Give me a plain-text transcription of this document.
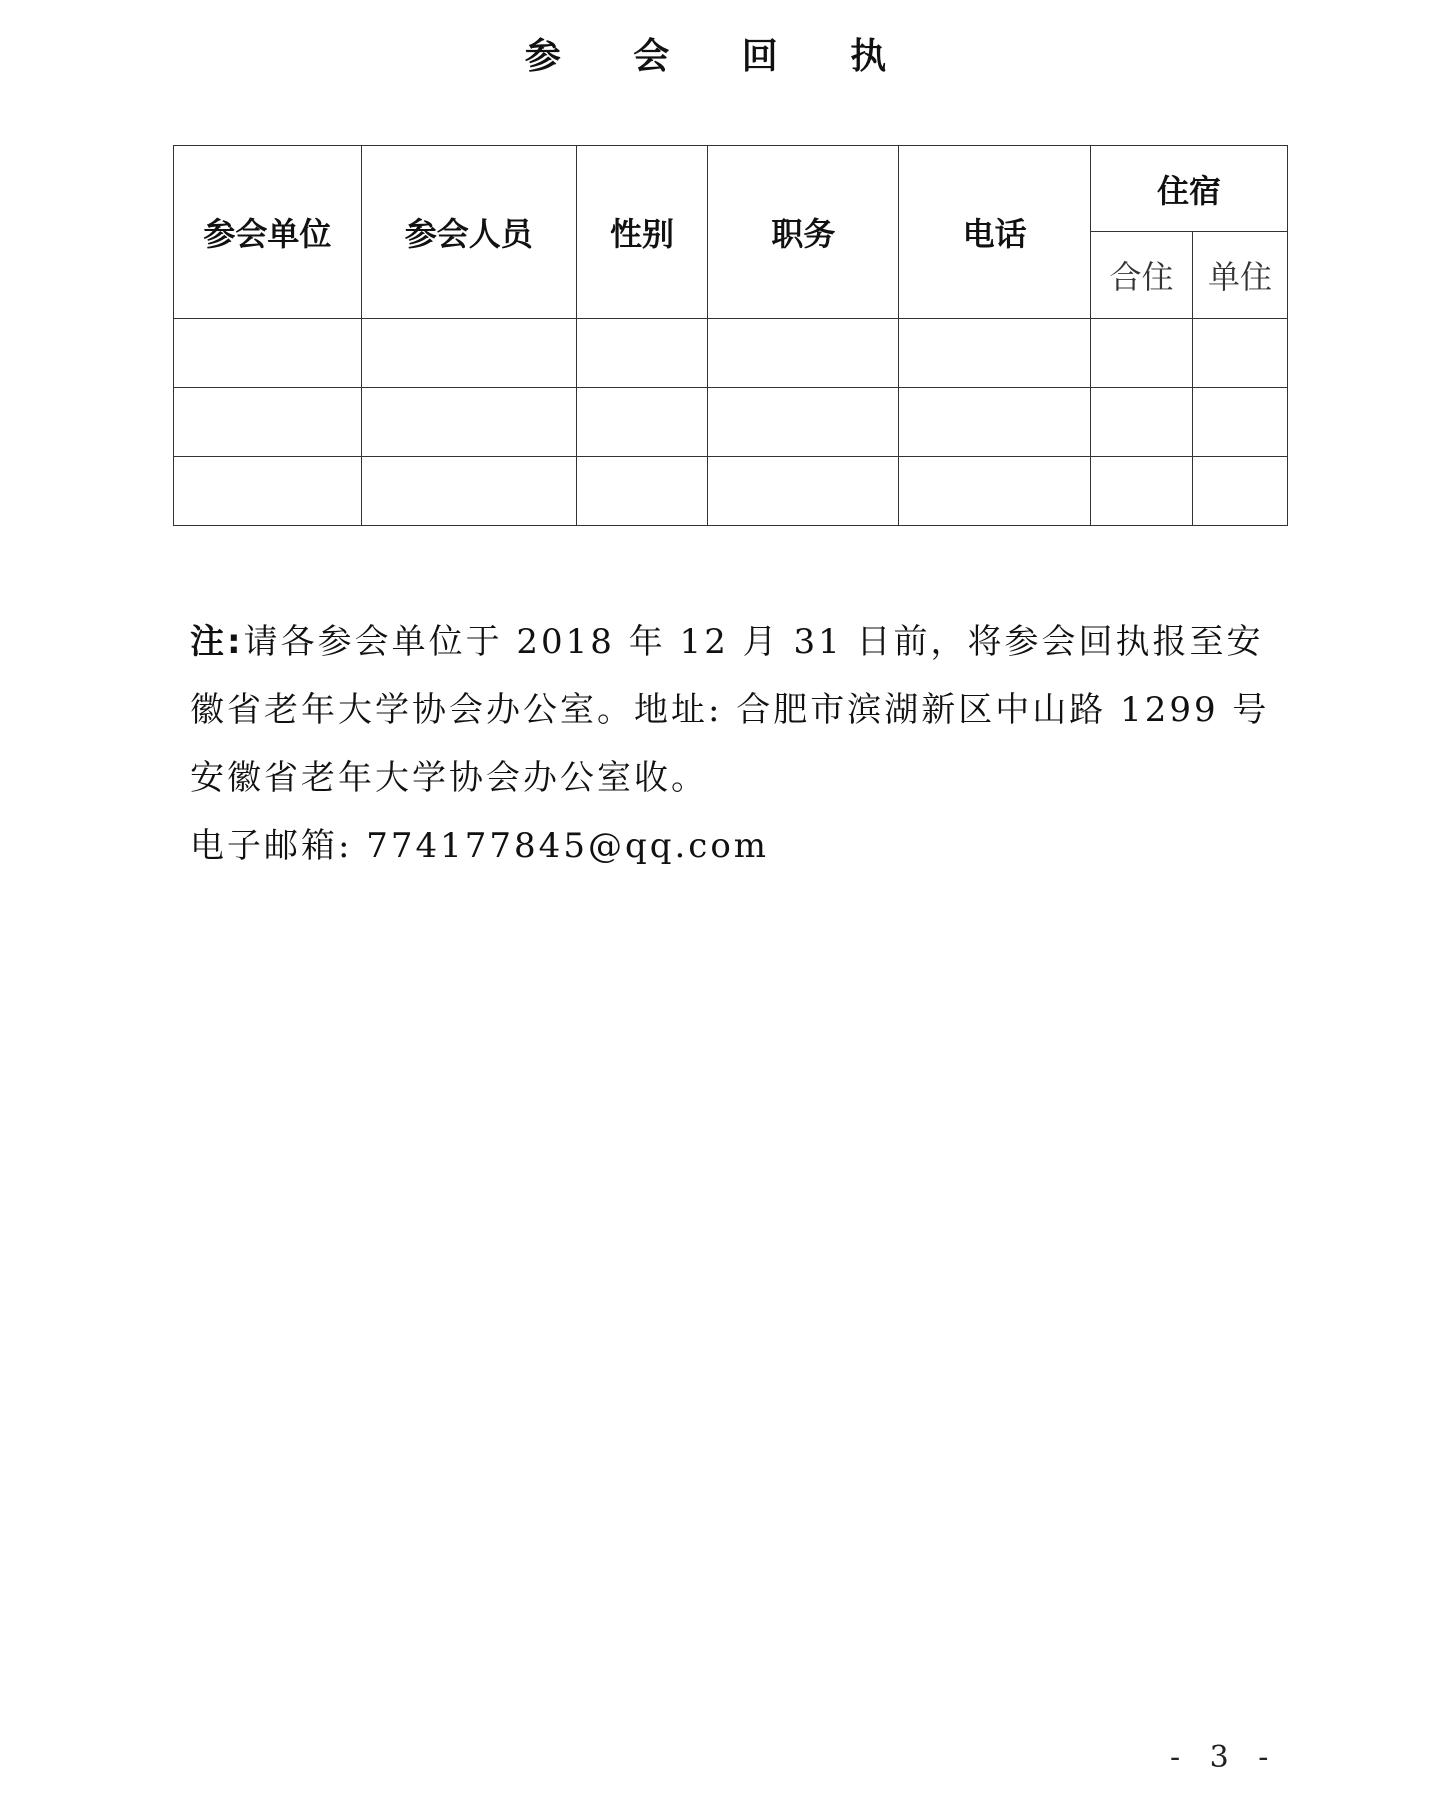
参 会 回 执
参会单位	参会人员	性别	职务	电话	住宿	
					合住	单住

注:请各参会单位于 2018 年 12 月 31 日前，将参会回执报至安徽省老年大学协会办公室。地址: 合肥市滨湖新区中山路 1299 号安徽省老年大学协会办公室收。

电子邮箱: 774177845@qq.com

- 3 -
